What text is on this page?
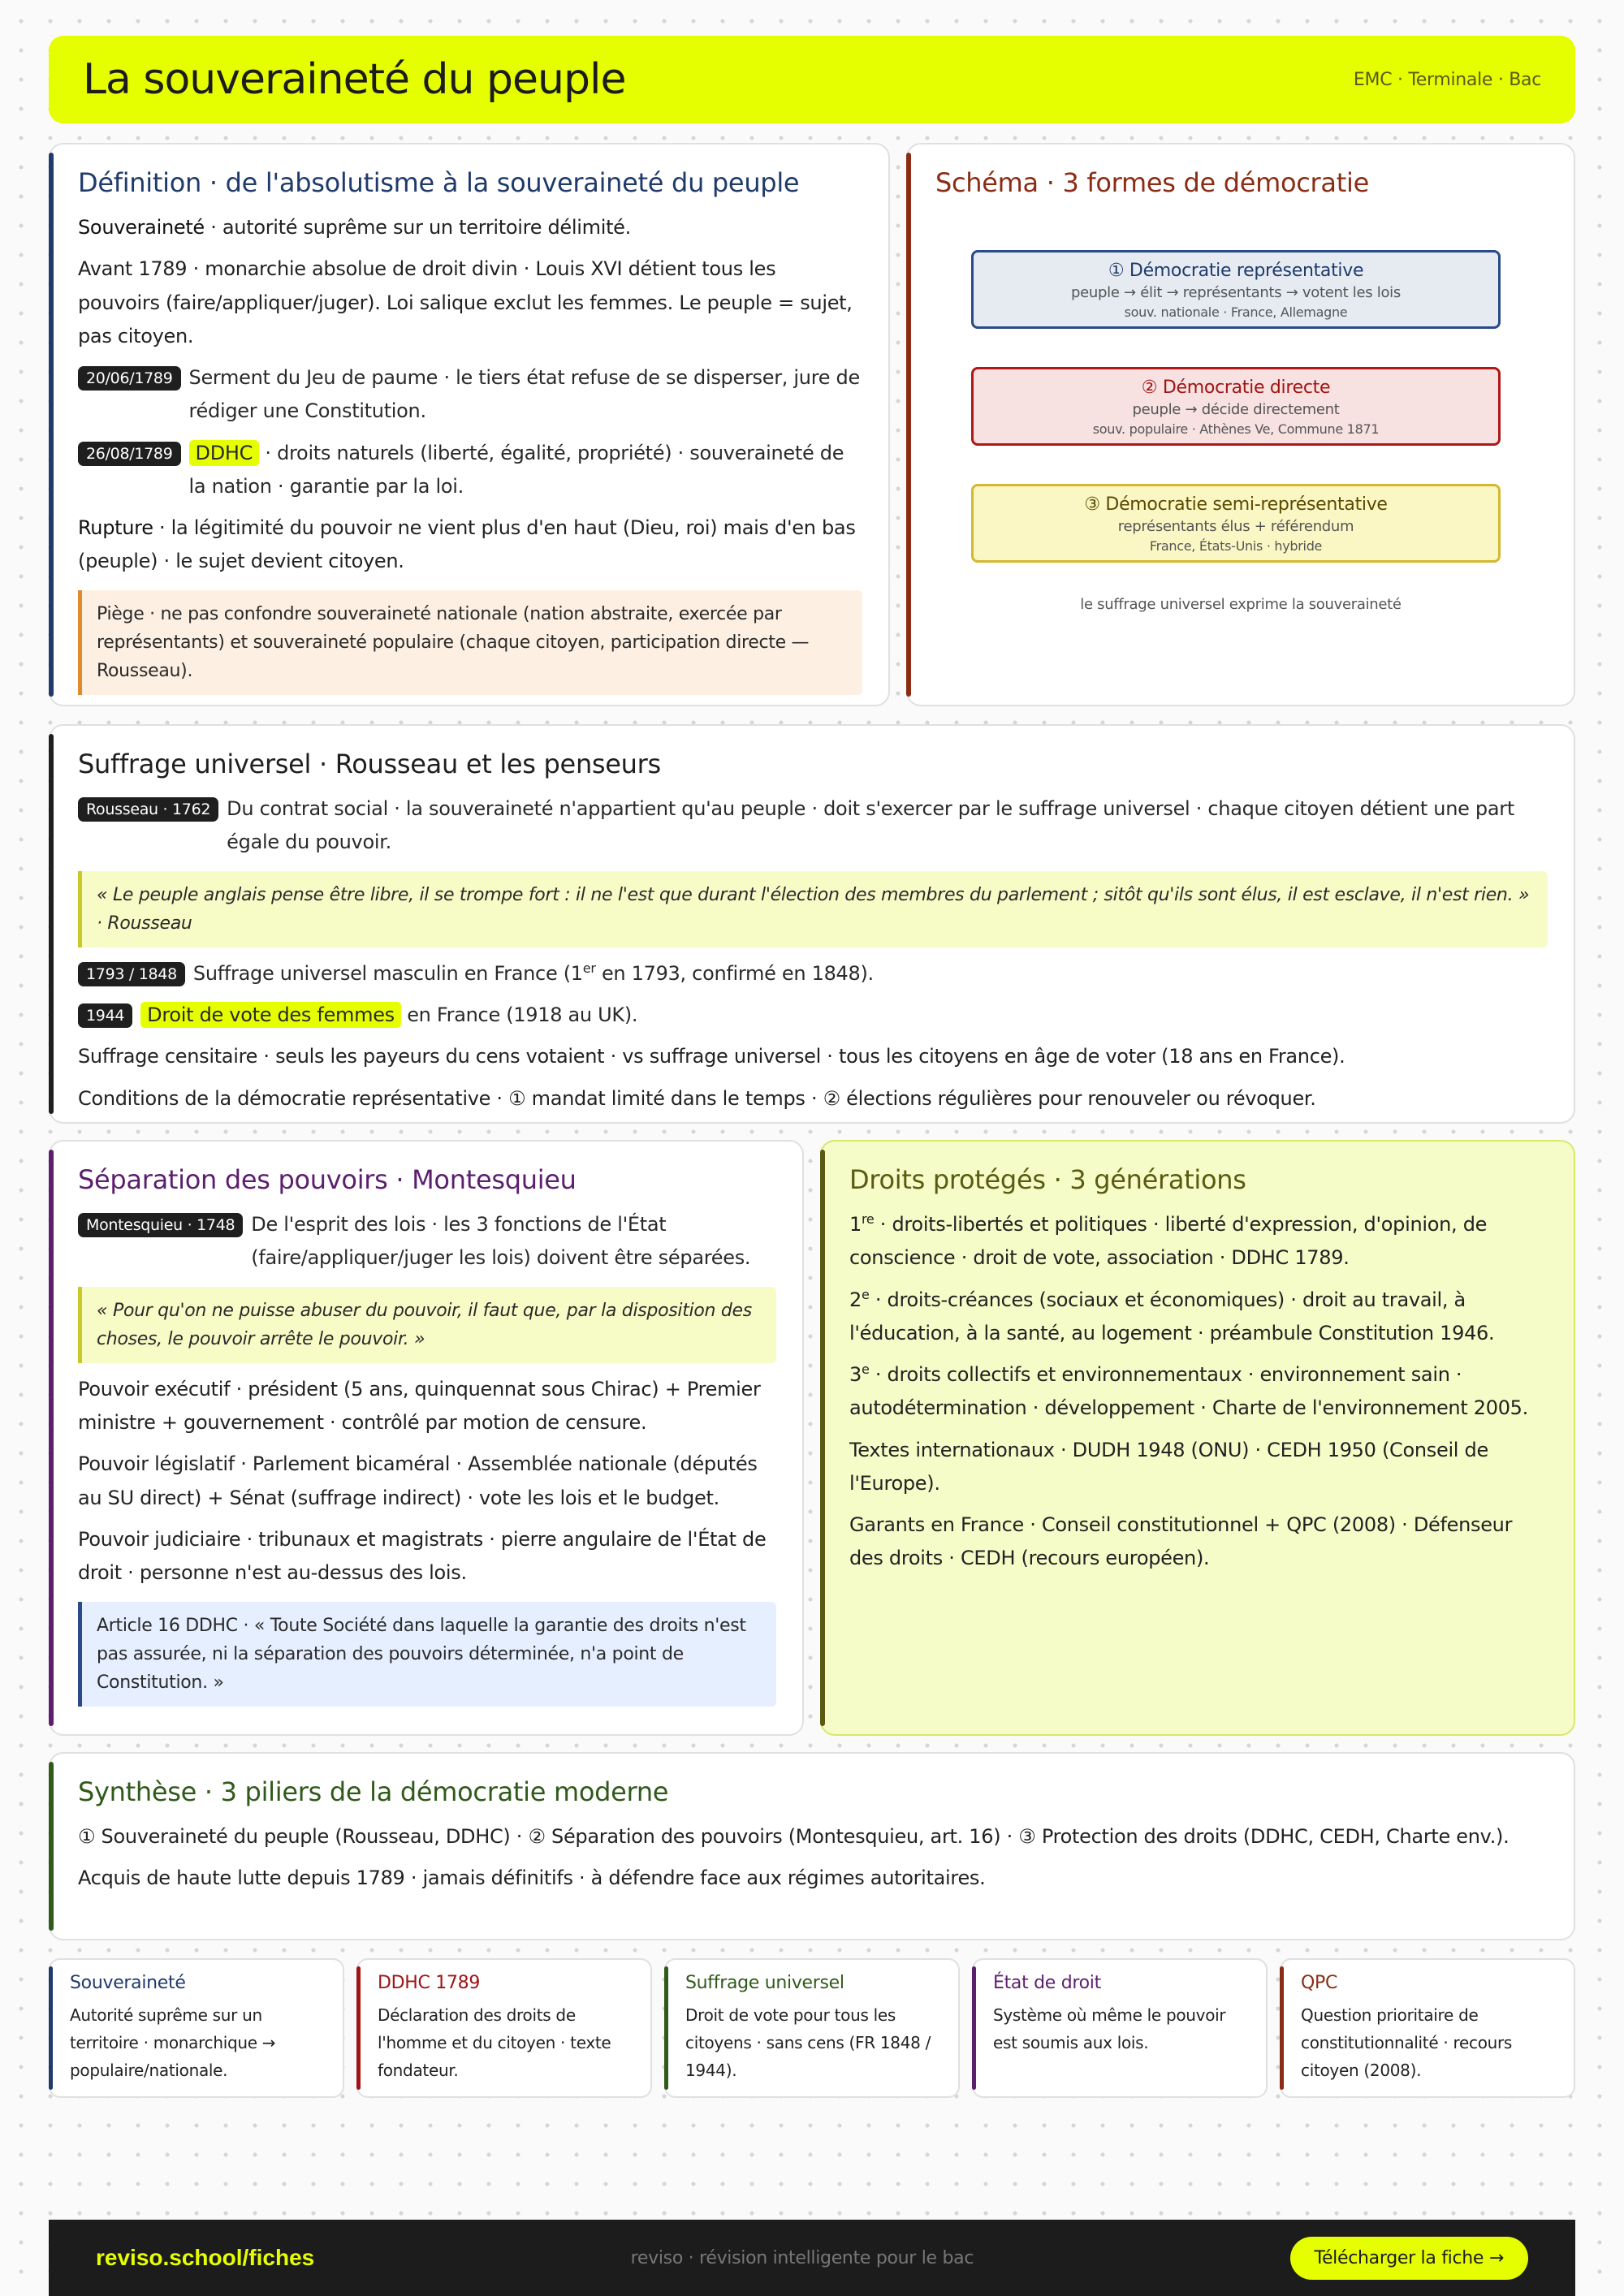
La souveraineté du peuple	EMC · Terminale · Bac
Définition · de l'absolutisme à la souveraineté du peuple

Souveraineté · autorité suprême sur un territoire délimité.

Avant 1789 · monarchie absolue de droit divin · Louis XVI détient tous les pouvoirs (faire/appliquer/juger). Loi salique exclut les femmes. Le peuple = sujet, pas citoyen.

20/06/1789 Serment du Jeu de paume · le tiers état refuse de se disperser, jure de rédiger une Constitution.
26/08/1789	DDHC · droits naturels (liberté, égalité, propriété) · souveraineté de la nation · garantie par la loi.

Rupture · la légitimité du pouvoir ne vient plus d'en haut (Dieu, roi) mais d'en bas (peuple) · le sujet devient citoyen.

Piège · ne pas confondre souveraineté nationale (nation abstraite, exercée par représentants) et souveraineté populaire (chaque citoyen, participation directe — Rousseau).
Schéma · 3 formes de démocratie
① Démocratie représentative
peuple → élit → représentants → votent les lois
souv. nationale · France, Allemagne
② Démocratie directe
peuple → décide directement
souv. populaire · Athènes Ve, Commune 1871
③ Démocratie semi-représentative
représentants élus + référendum
France, États-Unis · hybride
le suffrage universel exprime la souveraineté
Suffrage universel · Rousseau et les penseurs
Rousseau · 1762 Du contrat social · la souveraineté n'appartient qu'au peuple · doit s'exercer par le suffrage universel · chaque citoyen détient une part égale du pouvoir.
« Le peuple anglais pense être libre, il se trompe fort : il ne l'est que durant l'élection des membres du parlement ; sitôt qu'ils sont élus, il est esclave, il n'est rien. » · Rousseau
1793 / 1848 Suffrage universel masculin en France (1er en 1793, confirmé en 1848).
1944	Droit de vote des femmes en France (1918 au UK).

Suffrage censitaire · seuls les payeurs du cens votaient · vs suffrage universel · tous les citoyens en âge de voter (18 ans en France).

Conditions de la démocratie représentative · ① mandat limité dans le temps · ② élections régulières pour renouveler ou révoquer.

Séparation des pouvoirs · Montesquieu
Montesquieu · 1748 De l'esprit des lois · les 3 fonctions de l'État (faire/appliquer/juger les lois) doivent être séparées.
« Pour qu'on ne puisse abuser du pouvoir, il faut que, par la disposition des choses, le pouvoir arrête le pouvoir. »

Pouvoir exécutif · président (5 ans, quinquennat sous Chirac) + Premier ministre + gouvernement · contrôlé par motion de censure.

Pouvoir législatif · Parlement bicaméral · Assemblée nationale (députés au SU direct) + Sénat (suffrage indirect) · vote les lois et le budget.

Pouvoir judiciaire · tribunaux et magistrats · pierre angulaire de l'État de droit · personne n'est au-dessus des lois.

Article 16 DDHC · « Toute Société dans laquelle la garantie des droits n'est pas assurée, ni la séparation des pouvoirs déterminée, n'a point de Constitution. »
Droits protégés · 3 générations

1re · droits-libertés et politiques · liberté d'expression, d'opinion, de conscience · droit de vote, association · DDHC 1789.

$2^e$ · droits-créances (sociaux et économiques) · droit au travail, à l'éducation, à la santé, au logement · préambule Constitution 1946.

$3^e$ · droits collectifs et environnementaux · environnement sain · autodétermination · développement · Charte de l'environnement 2005.

Textes internationaux · DUDH 1948 (ONU) · CEDH 1950 (Conseil de l'Europe).

Garants en France · Conseil constitutionnel + QPC (2008) · Défenseur des droits · CEDH (recours européen).

Synthèse · 3 piliers de la démocratie moderne

① Souveraineté du peuple (Rousseau, DDHC) · ② Séparation des pouvoirs (Montesquieu, art. 16) · ③ Protection des droits (DDHC, CEDH, Charte env.).

Acquis de haute lutte depuis 1789 · jamais définitifs · à défendre face aux régimes autoritaires.

Souveraineté
Autorité suprême sur un territoire · monarchique → populaire/nationale.
DDHC 1789
Déclaration des droits de l'homme et du citoyen · texte fondateur.
Suffrage universel
Droit de vote pour tous les citoyens · sans cens (FR 1848 / 1944).
État de droit
Système où même le pouvoir est soumis aux lois.
QPC
Question prioritaire de constitutionnalité · recours citoyen (2008).
reviso.school/fiches	reviso · révision intelligente pour le bac	Télécharger la fiche →
